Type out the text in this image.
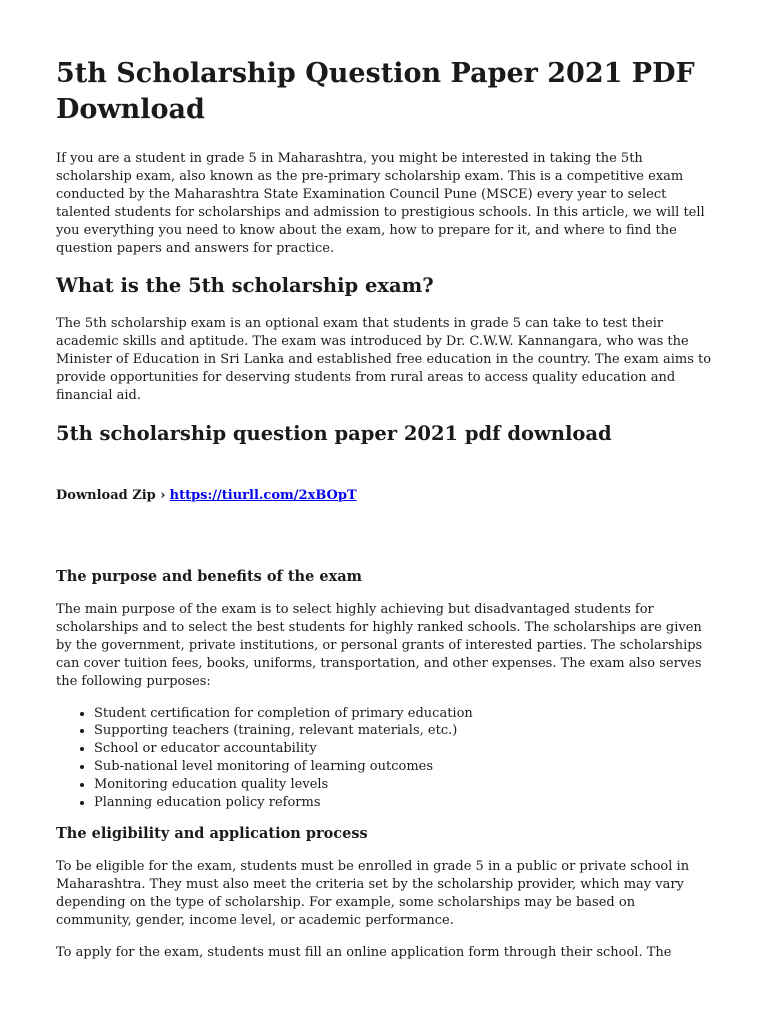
5th Scholarship Question Paper 2021 PDF Download

If you are a student in grade 5 in Maharashtra, you might be interested in taking the 5th scholarship exam, also known as the pre-primary scholarship exam. This is a competitive exam conducted by the Maharashtra State Examination Council Pune (MSCE) every year to select talented students for scholarships and admission to prestigious schools. In this article, we will tell you everything you need to know about the exam, how to prepare for it, and where to find the question papers and answers for practice.

What is the 5th scholarship exam?

The 5th scholarship exam is an optional exam that students in grade 5 can take to test their academic skills and aptitude. The exam was introduced by Dr. C.W.W. Kannangara, who was the Minister of Education in Sri Lanka and established free education in the country. The exam aims to provide opportunities for deserving students from rural areas to access quality education and financial aid.

5th scholarship question paper 2021 pdf download
Download Zip › https://tiurll.com/2xBOpT
The purpose and benefits of the exam

The main purpose of the exam is to select highly achieving but disadvantaged students for scholarships and to select the best students for highly ranked schools. The scholarships are given by the government, private institutions, or personal grants of interested parties. The scholarships can cover tuition fees, books, uniforms, transportation, and other expenses. The exam also serves the following purposes:

• Student certification for completion of primary education
• Supporting teachers (training, relevant materials, etc.)
• School or educator accountability
• Sub-national level monitoring of learning outcomes
• Monitoring education quality levels
• Planning education policy reforms
The eligibility and application process

To be eligible for the exam, students must be enrolled in grade 5 in a public or private school in Maharashtra. They must also meet the criteria set by the scholarship provider, which may vary depending on the type of scholarship. For example, some scholarships may be based on community, gender, income level, or academic performance.

To apply for the exam, students must fill an online application form through their school. The
